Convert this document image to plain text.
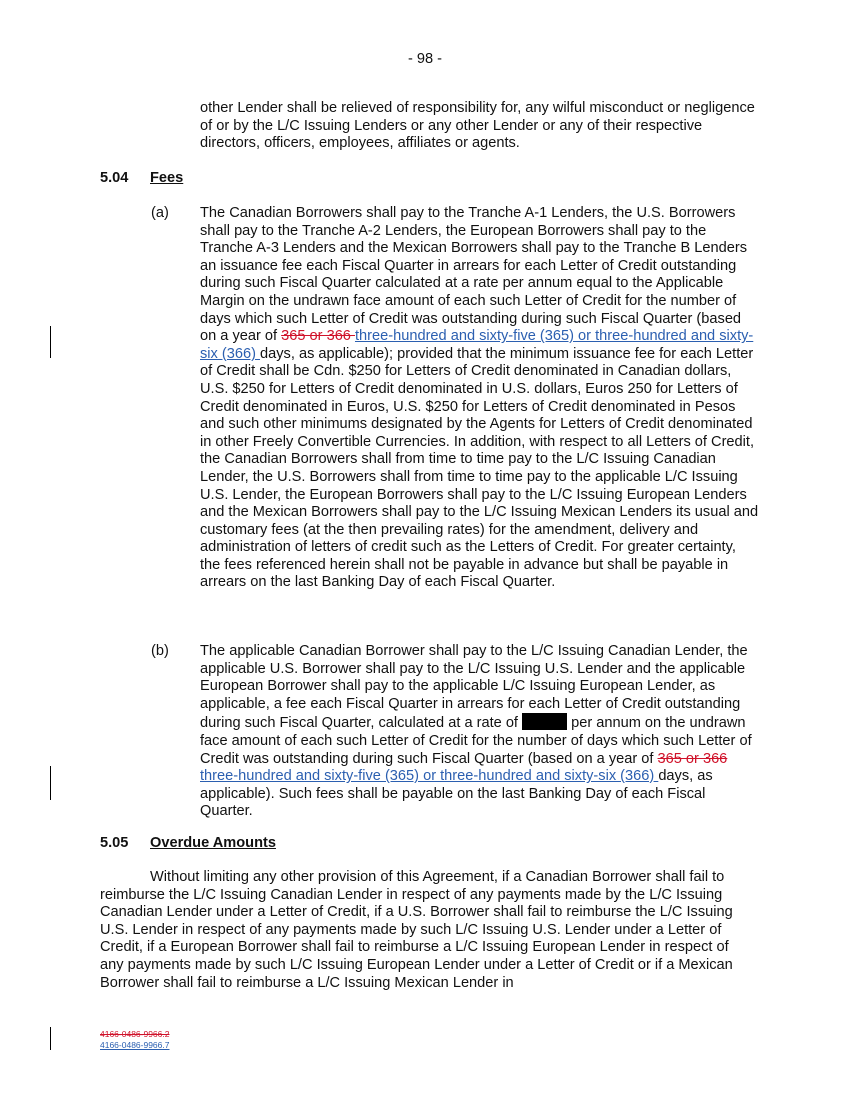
- 98 -
other Lender shall be relieved of responsibility for, any wilful misconduct or negligence of or by the L/C Issuing Lenders or any other Lender or any of their respective directors, officers, employees, affiliates or agents.
5.04 Fees
(a) The Canadian Borrowers shall pay to the Tranche A-1 Lenders, the U.S. Borrowers shall pay to the Tranche A-2 Lenders, the European Borrowers shall pay to the Tranche A-3 Lenders and the Mexican Borrowers shall pay to the Tranche B Lenders an issuance fee each Fiscal Quarter in arrears for each Letter of Credit outstanding during such Fiscal Quarter calculated at a rate per annum equal to the Applicable Margin on the undrawn face amount of each such Letter of Credit for the number of days which such Letter of Credit was outstanding during such Fiscal Quarter (based on a year of 365 or 366 three-hundred and sixty-five (365) or three-hundred and sixty-six (366) days, as applicable); provided that the minimum issuance fee for each Letter of Credit shall be Cdn. $250 for Letters of Credit denominated in Canadian dollars, U.S. $250 for Letters of Credit denominated in U.S. dollars, Euros 250 for Letters of Credit denominated in Euros, U.S. $250 for Letters of Credit denominated in Pesos and such other minimums designated by the Agents for Letters of Credit denominated in other Freely Convertible Currencies. In addition, with respect to all Letters of Credit, the Canadian Borrowers shall from time to time pay to the L/C Issuing Canadian Lender, the U.S. Borrowers shall from time to time pay to the applicable L/C Issuing U.S. Lender, the European Borrowers shall pay to the L/C Issuing European Lenders and the Mexican Borrowers shall pay to the L/C Issuing Mexican Lenders its usual and customary fees (at the then prevailing rates) for the amendment, delivery and administration of letters of credit such as the Letters of Credit. For greater certainty, the fees referenced herein shall not be payable in advance but shall be payable in arrears on the last Banking Day of each Fiscal Quarter.
(b) The applicable Canadian Borrower shall pay to the L/C Issuing Canadian Lender, the applicable U.S. Borrower shall pay to the L/C Issuing U.S. Lender and the applicable European Borrower shall pay to the applicable L/C Issuing European Lender, as applicable, a fee each Fiscal Quarter in arrears for each Letter of Credit outstanding during such Fiscal Quarter, calculated at a rate of	per annum on the undrawn face amount of each such Letter of Credit for the number of days which such Letter of Credit was outstanding during such Fiscal Quarter (based on a year of 365 or 366 three-hundred and sixty-five (365) or three-hundred and sixty-six (366) days, as applicable). Such fees shall be payable on the last Banking Day of each Fiscal Quarter.
5.05 Overdue Amounts
Without limiting any other provision of this Agreement, if a Canadian Borrower shall fail to reimburse the L/C Issuing Canadian Lender in respect of any payments made by the L/C Issuing Canadian Lender under a Letter of Credit, if a U.S. Borrower shall fail to reimburse the L/C Issuing U.S. Lender in respect of any payments made by such L/C Issuing U.S. Lender under a Letter of Credit, if a European Borrower shall fail to reimburse a L/C Issuing European Lender in respect of any payments made by such L/C Issuing European Lender under a Letter of Credit or if a Mexican Borrower shall fail to reimburse a L/C Issuing Mexican Lender in
4166-0486-9966.2
4166-0486-9966.7
